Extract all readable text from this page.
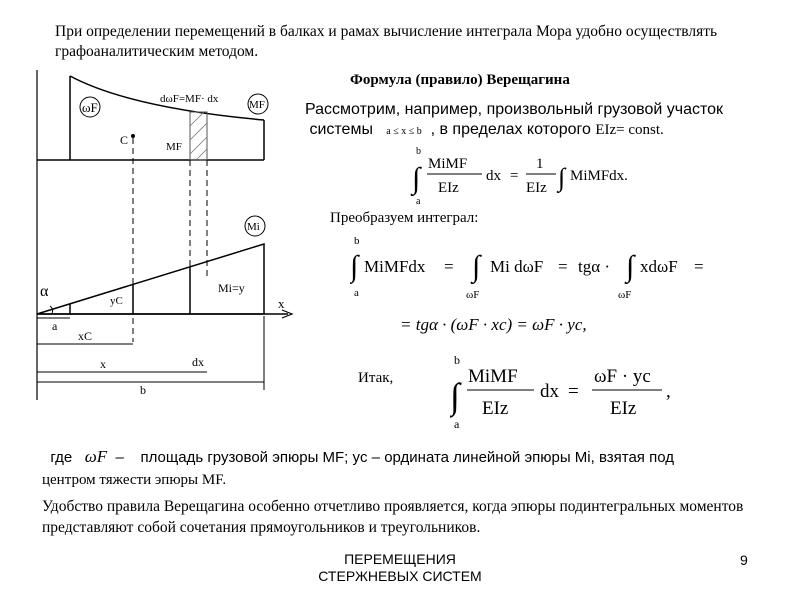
При определении перемещений в балках и рамах вычисление интеграла Мора удобно осуществлять графоаналитическим методом.
Формула (правило) Верещагина
Рассмотрим, например, произвольный грузовой участок
системы a ≤ x ≤ b , в пределах которого EIz= const.
b
∫
a
MiMF
EIz
dx =
1
EIz ∫ MiMFdx.
Преобразуем интеграл:
b
∫
a
MiMFdx = ∫
ωF
Mi dωF = tgα · ∫
ωF
xdωF =
= tgα · (ωF · xc) = ωF · yc,
Итак,
b
∫
a
MiMF
EIz
dx =
ωF · yc
EIz
,
ωF	MF
dωF=MF· dx
C	MF
Mi
α
yC
Mi=y
x
a
xC
x	dx
b
где ωF – площадь грузовой эпюры MF; yc – ордината линейной эпюры Mi, взятая под
центром тяжести эпюры MF.
Удобство правила Верещагина особенно отчетливо проявляется, когда эпюры подинтегральных моментов представляют собой сочетания прямоугольников и треугольников.
ПЕРЕМЕЩЕНИЯ
СТЕРЖНЕВЫХ СИСТЕМ
9
